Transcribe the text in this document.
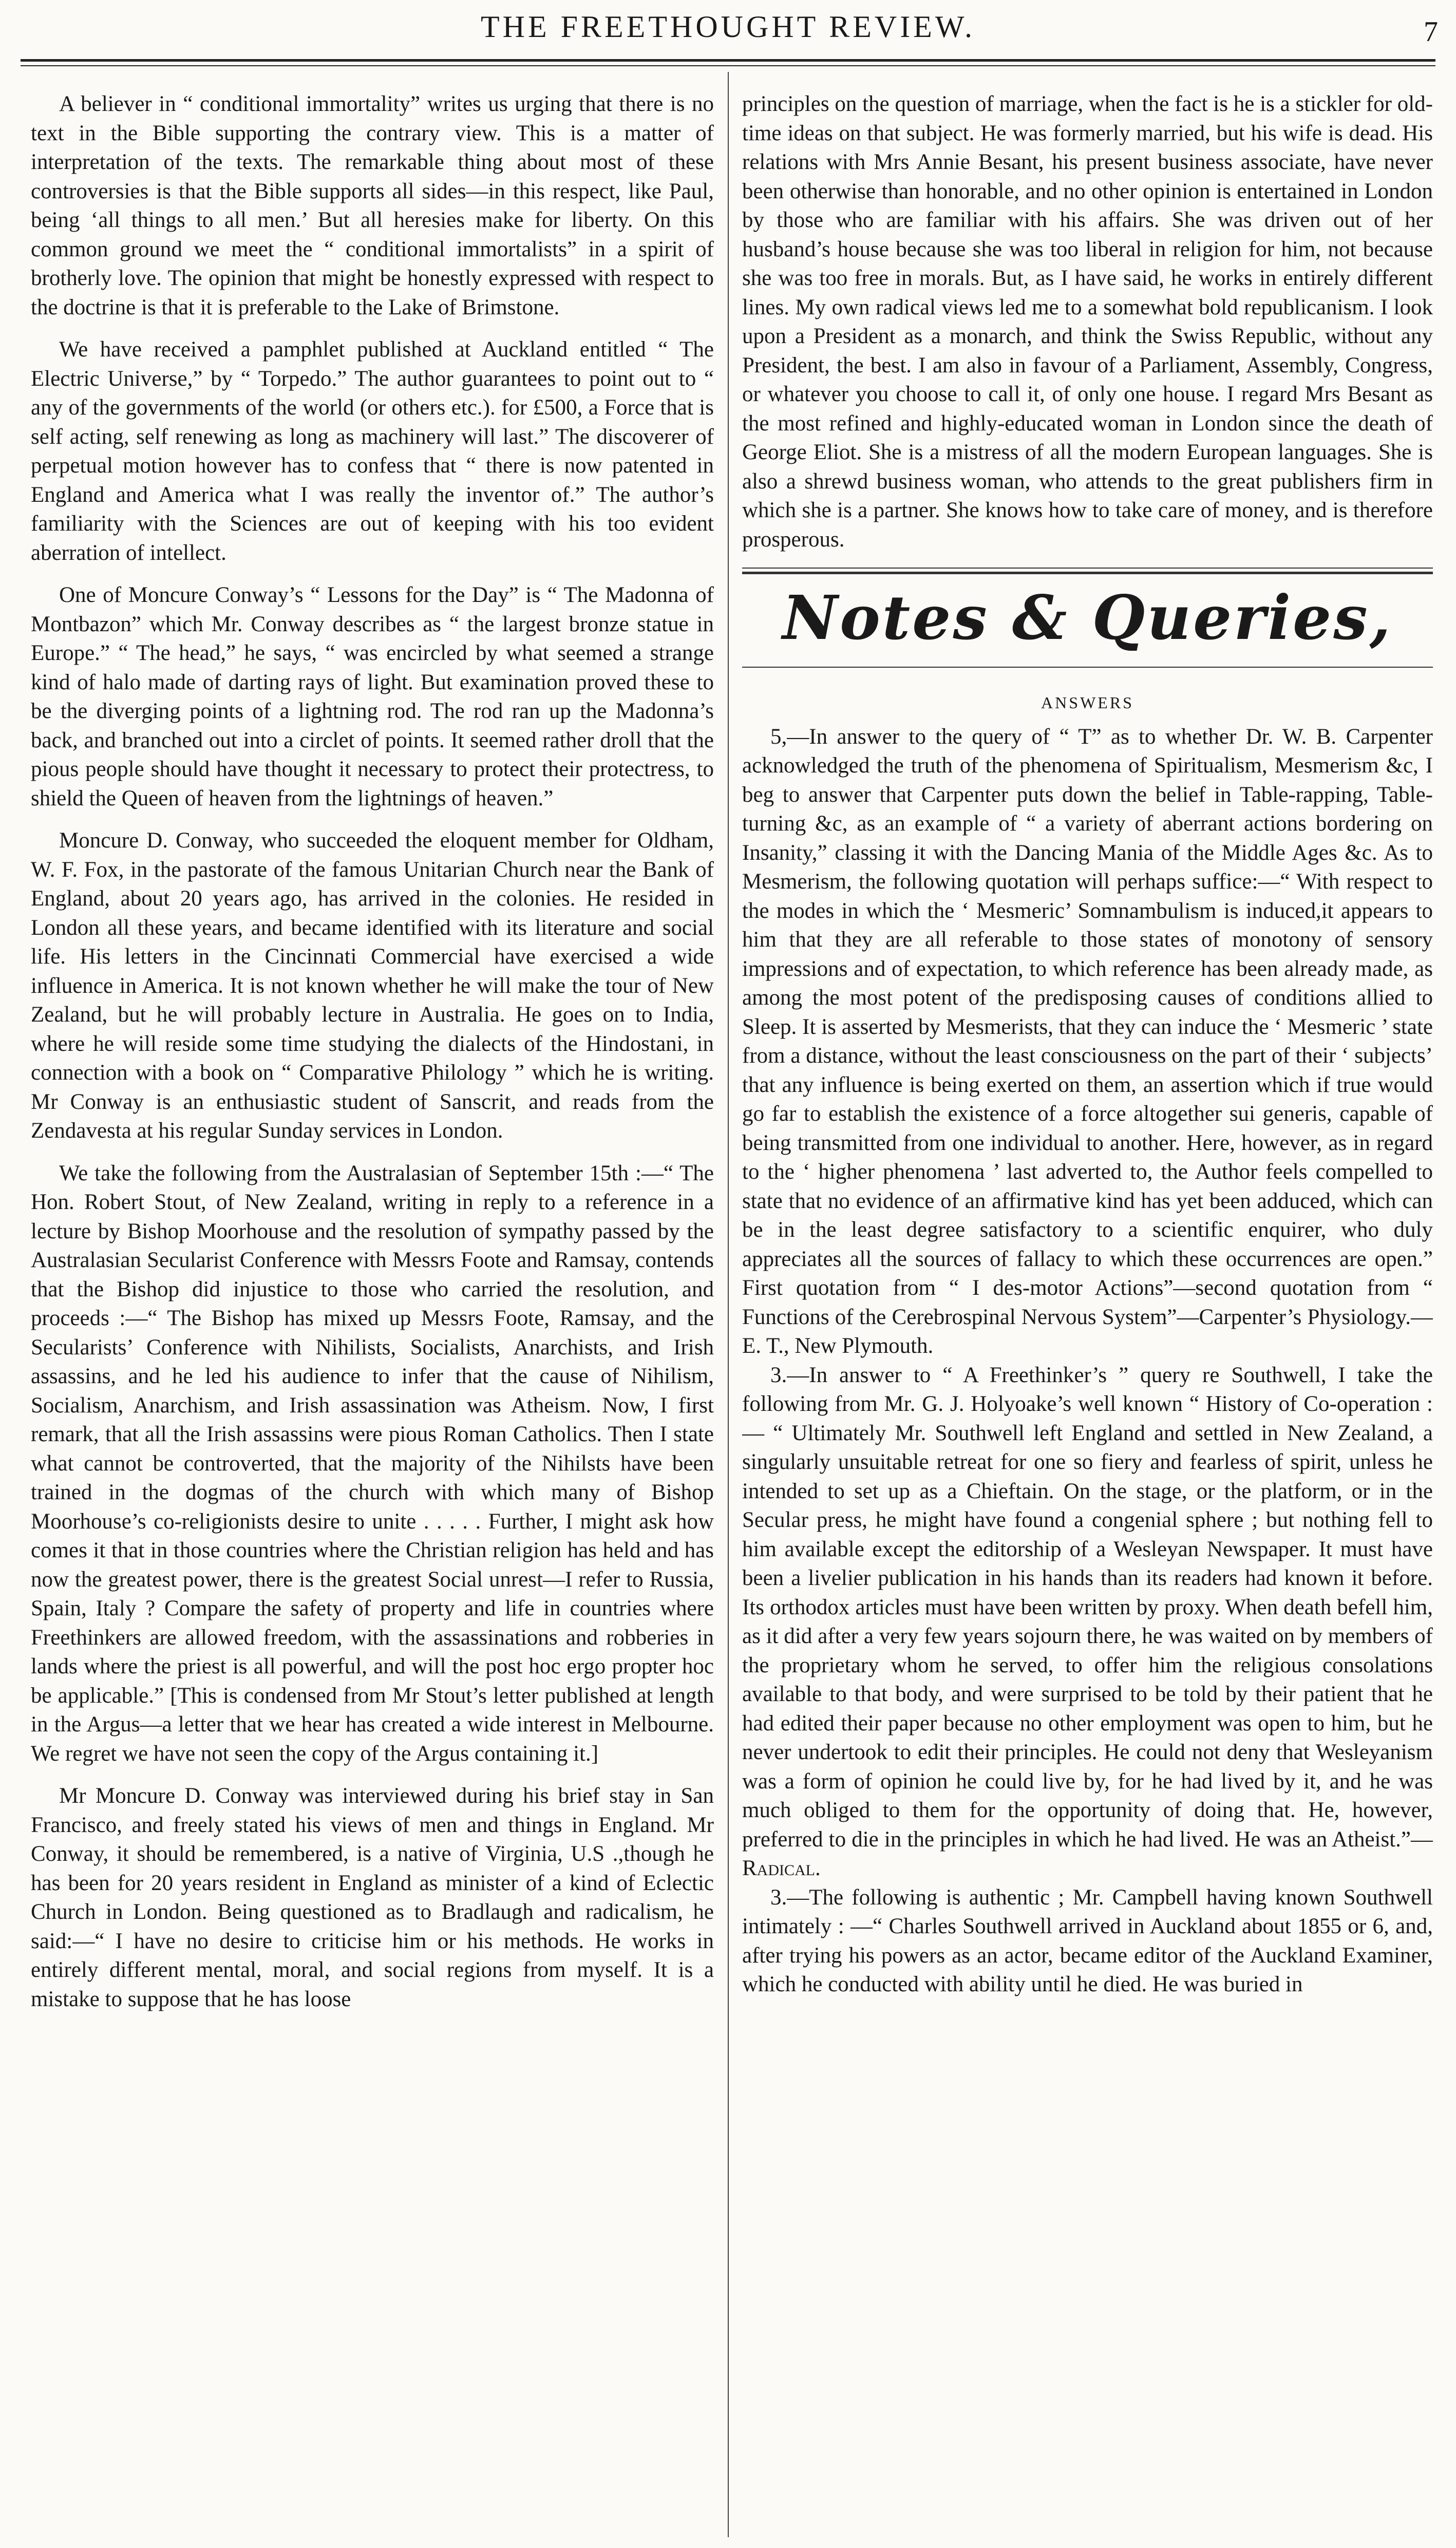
THE FREETHOUGHT REVIEW.	7

A believer in “ conditional immortality” writes us urging that there is no text in the Bible supporting the contrary view. This is a matter of interpretation of the texts. The remarkable thing about most of these controversies is that the Bible supports all sides—in this respect, like Paul, being ‘all things to all men.’ But all heresies make for liberty. On this common ground we meet the “ conditional immortalists” in a spirit of brotherly love. The opinion that might be honestly expressed with respect to the doctrine is that it is preferable to the Lake of Brimstone.

We have received a pamphlet published at Auckland entitled “ The Electric Universe,” by “ Torpedo.” The author guarantees to point out to “ any of the governments of the world (or others etc.). for £500, a Force that is self acting, self renewing as long as machinery will last.” The discoverer of perpetual motion however has to confess that “ there is now patented in England and America what I was really the inventor of.” The author’s familiarity with the Sciences are out of keeping with his too evident aberration of intellect.

One of Moncure Conway’s “ Lessons for the Day” is “ The Madonna of Montbazon” which Mr. Conway describes as “ the largest bronze statue in Europe.” “ The head,” he says, “ was encircled by what seemed a strange kind of halo made of darting rays of light. But examination proved these to be the diverging points of a lightning rod. The rod ran up the Madonna’s back, and branched out into a circlet of points. It seemed rather droll that the pious people should have thought it necessary to protect their protectress, to shield the Queen of heaven from the lightnings of heaven.”

Moncure D. Conway, who succeeded the eloquent member for Oldham, W. F. Fox, in the pastorate of the famous Unitarian Church near the Bank of England, about 20 years ago, has arrived in the colonies. He resided in London all these years, and became identified with its literature and social life. His letters in the Cincinnati Commercial have exercised a wide influence in America. It is not known whether he will make the tour of New Zealand, but he will probably lecture in Australia. He goes on to India, where he will reside some time studying the dialects of the Hindostani, in connection with a book on “ Comparative Philology ” which he is writing. Mr Conway is an enthusiastic student of Sanscrit, and reads from the Zendavesta at his regular Sunday services in London.

We take the following from the Australasian of September 15th :—“ The Hon. Robert Stout, of New Zealand, writing in reply to a reference in a lecture by Bishop Moorhouse and the resolution of sympathy passed by the Australasian Secularist Conference with Messrs Foote and Ramsay, contends that the Bishop did injustice to those who carried the resolution, and proceeds :—“ The Bishop has mixed up Messrs Foote, Ramsay, and the Secularists’ Conference with Nihilists, Socialists, Anarchists, and Irish assassins, and he led his audience to infer that the cause of Nihilism, Socialism, Anarchism, and Irish assassination was Atheism. Now, I first remark, that all the Irish assassins were pious Roman Catholics. Then I state what cannot be controverted, that the majority of the Nihilsts have been trained in the dogmas of the church with which many of Bishop Moorhouse’s co-religionists desire to unite . . . . . Further, I might ask how comes it that in those countries where the Christian religion has held and has now the greatest power, there is the greatest Social unrest—I refer to Russia, Spain, Italy ? Compare the safety of property and life in countries where Freethinkers are allowed freedom, with the assassinations and robberies in lands where the priest is all powerful, and will the post hoc ergo propter hoc be applicable.” [This is condensed from Mr Stout’s letter published at length in the Argus—a letter that we hear has created a wide interest in Melbourne. We regret we have not seen the copy of the Argus containing it.]

Mr Moncure D. Conway was interviewed during his brief stay in San Francisco, and freely stated his views of men and things in England. Mr Conway, it should be remembered, is a native of Virginia, U.S .,though he has been for 20 years resident in England as minister of a kind of Eclectic Church in London. Being questioned as to Bradlaugh and radicalism, he said:—“ I have no desire to criticise him or his methods. He works in entirely different mental, moral, and social regions from myself. It is a mistake to suppose that he has loose

principles on the question of marriage, when the fact is he is a stickler for old-time ideas on that subject. He was formerly married, but his wife is dead. His relations with Mrs Annie Besant, his present business associate, have never been otherwise than honorable, and no other opinion is entertained in London by those who are familiar with his affairs. She was driven out of her husband’s house because she was too liberal in religion for him, not because she was too free in morals. But, as I have said, he works in entirely different lines. My own radical views led me to a somewhat bold republicanism. I look upon a President as a monarch, and think the Swiss Republic, without any President, the best. I am also in favour of a Parliament, Assembly, Congress, or whatever you choose to call it, of only one house. I regard Mrs Besant as the most refined and highly-educated woman in London since the death of George Eliot. She is a mistress of all the modern European languages. She is also a shrewd business woman, who attends to the great publishers firm in which she is a partner. She knows how to take care of money, and is therefore prosperous.

Notes & Queries,
ANSWERS

5,—In answer to the query of “ T” as to whether Dr. W. B. Carpenter acknowledged the truth of the phenomena of Spiritualism, Mesmerism &c, I beg to answer that Carpenter puts down the belief in Table-rapping, Table-turning &c, as an example of “ a variety of aberrant actions bordering on Insanity,” classing it with the Dancing Mania of the Middle Ages &c. As to Mesmerism, the following quotation will perhaps suffice:—“ With respect to the modes in which the ‘ Mesmeric’ Somnambulism is induced,it appears to him that they are all referable to those states of monotony of sensory impressions and of expectation, to which reference has been already made, as among the most potent of the predisposing causes of conditions allied to Sleep. It is asserted by Mesmerists, that they can induce the ‘ Mesmeric ’ state from a distance, without the least consciousness on the part of their ‘ subjects’ that any influence is being exerted on them, an assertion which if true would go far to establish the existence of a force altogether sui generis, capable of being transmitted from one individual to another. Here, however, as in regard to the ‘ higher phenomena ’ last adverted to, the Author feels compelled to state that no evidence of an affirmative kind has yet been adduced, which can be in the least degree satisfactory to a scientific enquirer, who duly appreciates all the sources of fallacy to which these occurrences are open.” First quotation from “ I des-motor Actions”—second quotation from “ Functions of the Cerebrospinal Nervous System”—Carpenter’s Physiology.—E. T., New Plymouth.

3.—In answer to “ A Freethinker’s ” query re Southwell, I take the following from Mr. G. J. Holyoake’s well known “ History of Co-operation :— “ Ultimately Mr. Southwell left England and settled in New Zealand, a singularly unsuitable retreat for one so fiery and fearless of spirit, unless he intended to set up as a Chieftain. On the stage, or the platform, or in the Secular press, he might have found a congenial sphere ; but nothing fell to him available except the editorship of a Wesleyan Newspaper. It must have been a livelier publication in his hands than its readers had known it before. Its orthodox articles must have been written by proxy. When death befell him, as it did after a very few years sojourn there, he was waited on by members of the proprietary whom he served, to offer him the religious consolations available to that body, and were surprised to be told by their patient that he had edited their paper because no other employment was open to him, but he never undertook to edit their principles. He could not deny that Wesleyanism was a form of opinion he could live by, for he had lived by it, and he was much obliged to them for the opportunity of doing that. He, however, preferred to die in the principles in which he had lived. He was an Atheist.”—Radical.

3.—The following is authentic ; Mr. Campbell having known Southwell intimately : —“ Charles Southwell arrived in Auckland about 1855 or 6, and, after trying his powers as an actor, became editor of the Auckland Examiner, which he conducted with ability until he died. He was buried in
